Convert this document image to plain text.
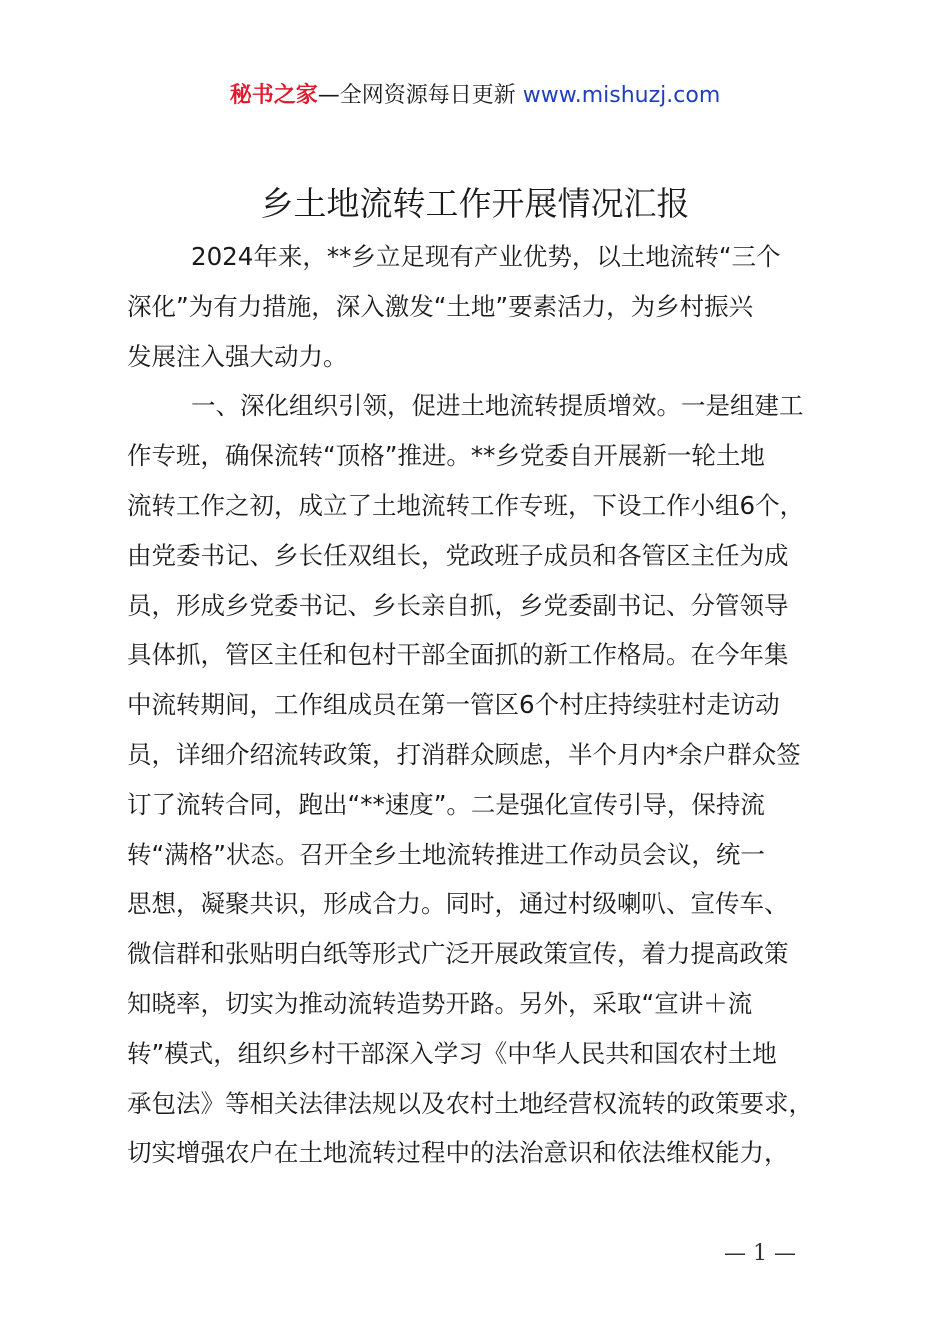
秘书之家—全网资源每日更新 www.mishuzj.com
乡土地流转工作开展情况汇报
2024年来，**乡立足现有产业优势，以土地流转“三个
深化”为有力措施，深入激发“土地”要素活力，为乡村振兴
发展注入强大动力。
一、深化组织引领，促进土地流转提质增效。一是组建工
作专班，确保流转“顶格”推进。**乡党委自开展新一轮土地
流转工作之初，成立了土地流转工作专班，下设工作小组6个，
由党委书记、乡长任双组长，党政班子成员和各管区主任为成
员，形成乡党委书记、乡长亲自抓，乡党委副书记、分管领导
具体抓，管区主任和包村干部全面抓的新工作格局。在今年集
中流转期间，工作组成员在第一管区6个村庄持续驻村走访动
员，详细介绍流转政策，打消群众顾虑，半个月内*余户群众签
订了流转合同，跑出“**速度”。二是强化宣传引导，保持流
转“满格”状态。召开全乡土地流转推进工作动员会议，统一
思想，凝聚共识，形成合力。同时，通过村级喇叭、宣传车、
微信群和张贴明白纸等形式广泛开展政策宣传，着力提高政策
知晓率，切实为推动流转造势开路。另外，采取“宣讲＋流
转”模式，组织乡村干部深入学习《中华人民共和国农村土地
承包法》等相关法律法规以及农村土地经营权流转的政策要求，
切实增强农户在土地流转过程中的法治意识和依法维权能力，
— 1 —
